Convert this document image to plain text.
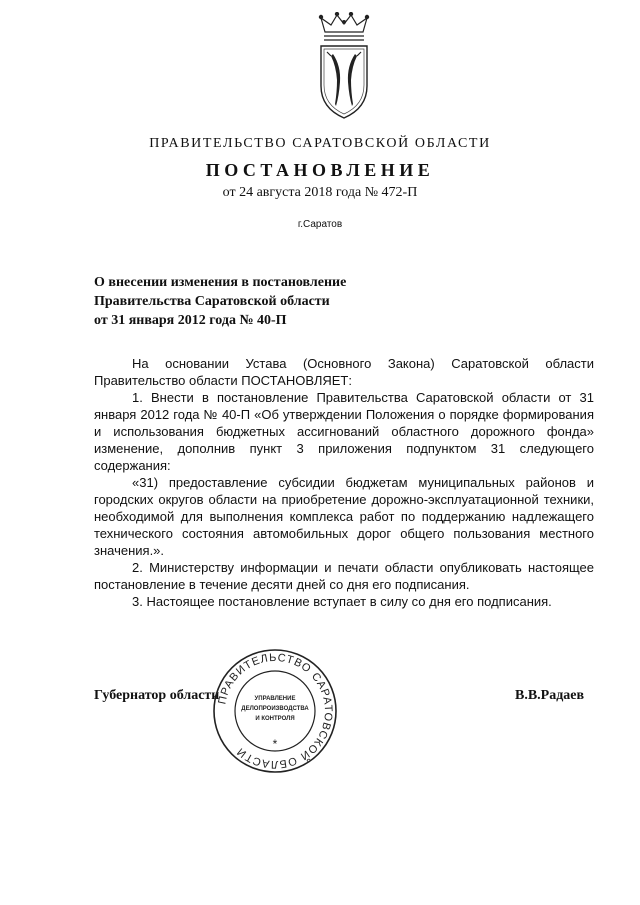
ПРАВИТЕЛЬСТВО САРАТОВСКОЙ ОБЛАСТИ
ПОСТАНОВЛЕНИЕ
от 24 августа 2018 года № 472-П
г.Саратов
О внесении изменения в постановление
Правительства Саратовской области
от 31 января 2012 года № 40-П

На основании Устава (Основного Закона) Саратовской области Правительство области ПОСТАНОВЛЯЕТ:

1. Внести в постановление Правительства Саратовской области от 31 января 2012 года № 40-П «Об утверждении Положения о порядке формирования и использования бюджетных ассигнований областного дорожного фонда» изменение, дополнив пункт 3 приложения подпунктом 31 следующего содержания:

«31) предоставление субсидии бюджетам муниципальных районов и городских округов области на приобретение дорожно-эксплуатационной техники, необходимой для выполнения комплекса работ по поддержанию надлежащего технического состояния автомобильных дорог общего пользования местного значения.».

2. Министерству информации и печати области опубликовать настоящее постановление в течение десяти дней со дня его подписания.

3. Настоящее постановление вступает в силу со дня его подписания.

Губернатор области	В.В.Радаев
ПРАВИТЕЛЬСТВО САРАТОВСКОЙ ОБЛАСТИ
УПРАВЛЕНИЕ
ДЕЛОПРОИЗВОДСТВА
И КОНТРОЛЯ
*
